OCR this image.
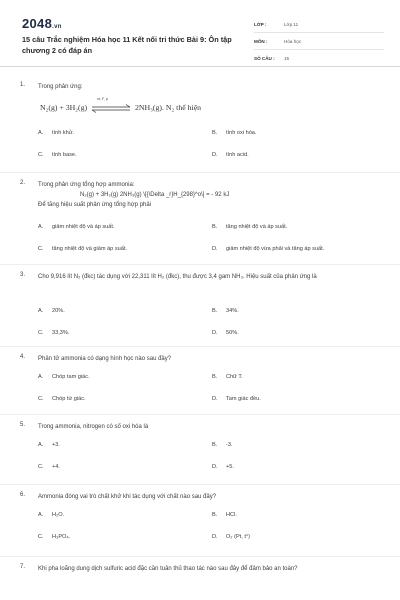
2048.vn
15 câu Trắc nghiệm Hóa học 11 Kết nối tri thức Bài 9: Ôn tập chương 2 có đáp án
LỚP :	Lớp 11
MÔN :	Hóa học
SỐ CÂU :	15
1. Trong phản ứng:
N₂(g) + 3H₂(g)
xt, t°, p
2NH₃(g). N₂ thể hiện
A. tính khử.	B. tính oxi hóa.
C. tính base.	D. tính acid.
2. Trong phản ứng tổng hợp ammonia:
N₂(g) + 3H₂(g) 2NH₃(g) \[{\Delta _r}H_{298}^o\] = - 92 kJ
Để tăng hiệu suất phản ứng tổng hợp phải
A. giảm nhiệt độ và áp suất.	B. tăng nhiệt độ và áp suất.
C. tăng nhiệt độ và giảm áp suất.	D. giảm nhiệt độ vừa phải và tăng áp suất.
3. Cho 9,916 lít N₂ (đkc) tác dụng với 22,311 lít H₂ (đkc), thu được 3,4 gam NH₃. Hiệu suất của phản ứng là
A. 20%.	B. 34%.
C. 33,3%.	D. 50%.
4. Phân tử ammonia có dạng hình học nào sau đây?
A. Chóp tam giác.	B. Chữ T.
C. Chóp tứ giác.	D. Tam giác đều.
5. Trong ammonia, nitrogen có số oxi hóa là
A. +3.	B. -3.
C. +4.	D. +5.
6. Ammonia đóng vai trò chất khử khi tác dụng với chất nào sau đây?
A. H₂O.	B. HCl.
C. H₃PO₄.	D. O₂ (Pt, t°)
7. Khi pha loãng dung dịch sulfuric acid đặc cần tuân thủ thao tác nào sau đây để đảm bảo an toàn?
